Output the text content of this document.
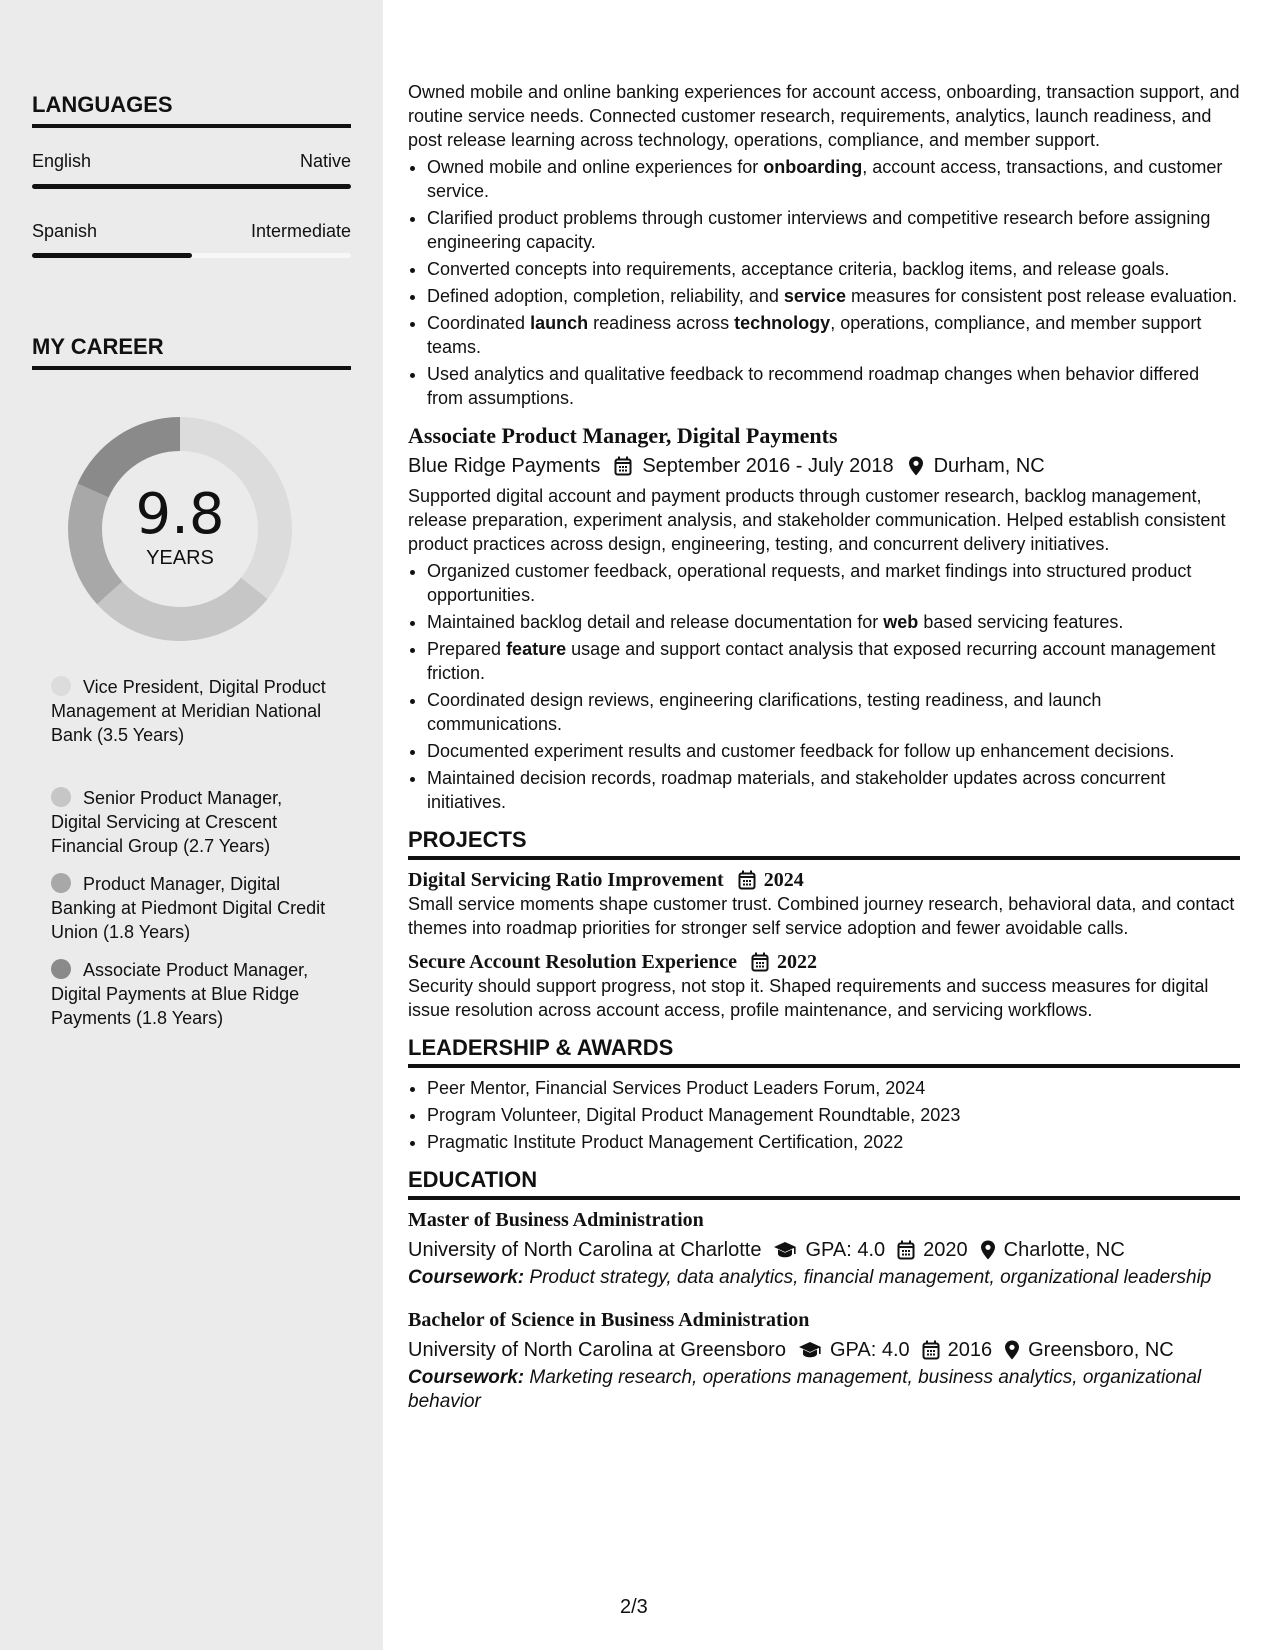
LANGUAGES
English	Native
Spanish	Intermediate
MY CAREER
9.8
YEARS
Vice President, Digital Product Management at Meridian National Bank (3.5 Years)
Senior Product Manager, Digital Servicing at Crescent Financial Group (2.7 Years)
Product Manager, Digital Banking at Piedmont Digital Credit Union (1.8 Years)
Associate Product Manager, Digital Payments at Blue Ridge Payments (1.8 Years)

Owned mobile and online banking experiences for account access, onboarding, transaction support, and routine service needs. Connected customer research, requirements, analytics, launch readiness, and post release learning across technology, operations, compliance, and member support.

• Owned mobile and online experiences for onboarding, account access, transactions, and customer service.
• Clarified product problems through customer interviews and competitive research before assigning engineering capacity.
• Converted concepts into requirements, acceptance criteria, backlog items, and release goals.
• Defined adoption, completion, reliability, and service measures for consistent post release evaluation.
• Coordinated launch readiness across technology, operations, compliance, and member support teams.
• Used analytics and qualitative feedback to recommend roadmap changes when behavior differed from assumptions.
Associate Product Manager, Digital Payments
Blue Ridge Payments September 2016 - July 2018 Durham, NC

Supported digital account and payment products through customer research, backlog management, release preparation, experiment analysis, and stakeholder communication. Helped establish consistent product practices across design, engineering, testing, and concurrent delivery initiatives.

• Organized customer feedback, operational requests, and market findings into structured product opportunities.
• Maintained backlog detail and release documentation for web based servicing features.
• Prepared feature usage and support contact analysis that exposed recurring account management friction.
• Coordinated design reviews, engineering clarifications, testing readiness, and launch communications.
• Documented experiment results and customer feedback for follow up enhancement decisions.
• Maintained decision records, roadmap materials, and stakeholder updates across concurrent initiatives.
PROJECTS
Digital Servicing Ratio Improvement 2024

Small service moments shape customer trust. Combined journey research, behavioral data, and contact themes into roadmap priorities for stronger self service adoption and fewer avoidable calls.

Secure Account Resolution Experience 2022

Security should support progress, not stop it. Shaped requirements and success measures for digital issue resolution across account access, profile maintenance, and servicing workflows.

LEADERSHIP & AWARDS
• Peer Mentor, Financial Services Product Leaders Forum, 2024
• Program Volunteer, Digital Product Management Roundtable, 2023
• Pragmatic Institute Product Management Certification, 2022
EDUCATION
Master of Business Administration
University of North Carolina at Charlotte GPA: 4.0 2020 Charlotte, NC
Coursework: Product strategy, data analytics, financial management, organizational leadership
Bachelor of Science in Business Administration
University of North Carolina at Greensboro GPA: 4.0 2016 Greensboro, NC
Coursework: Marketing research, operations management, business analytics, organizational behavior
2/3
